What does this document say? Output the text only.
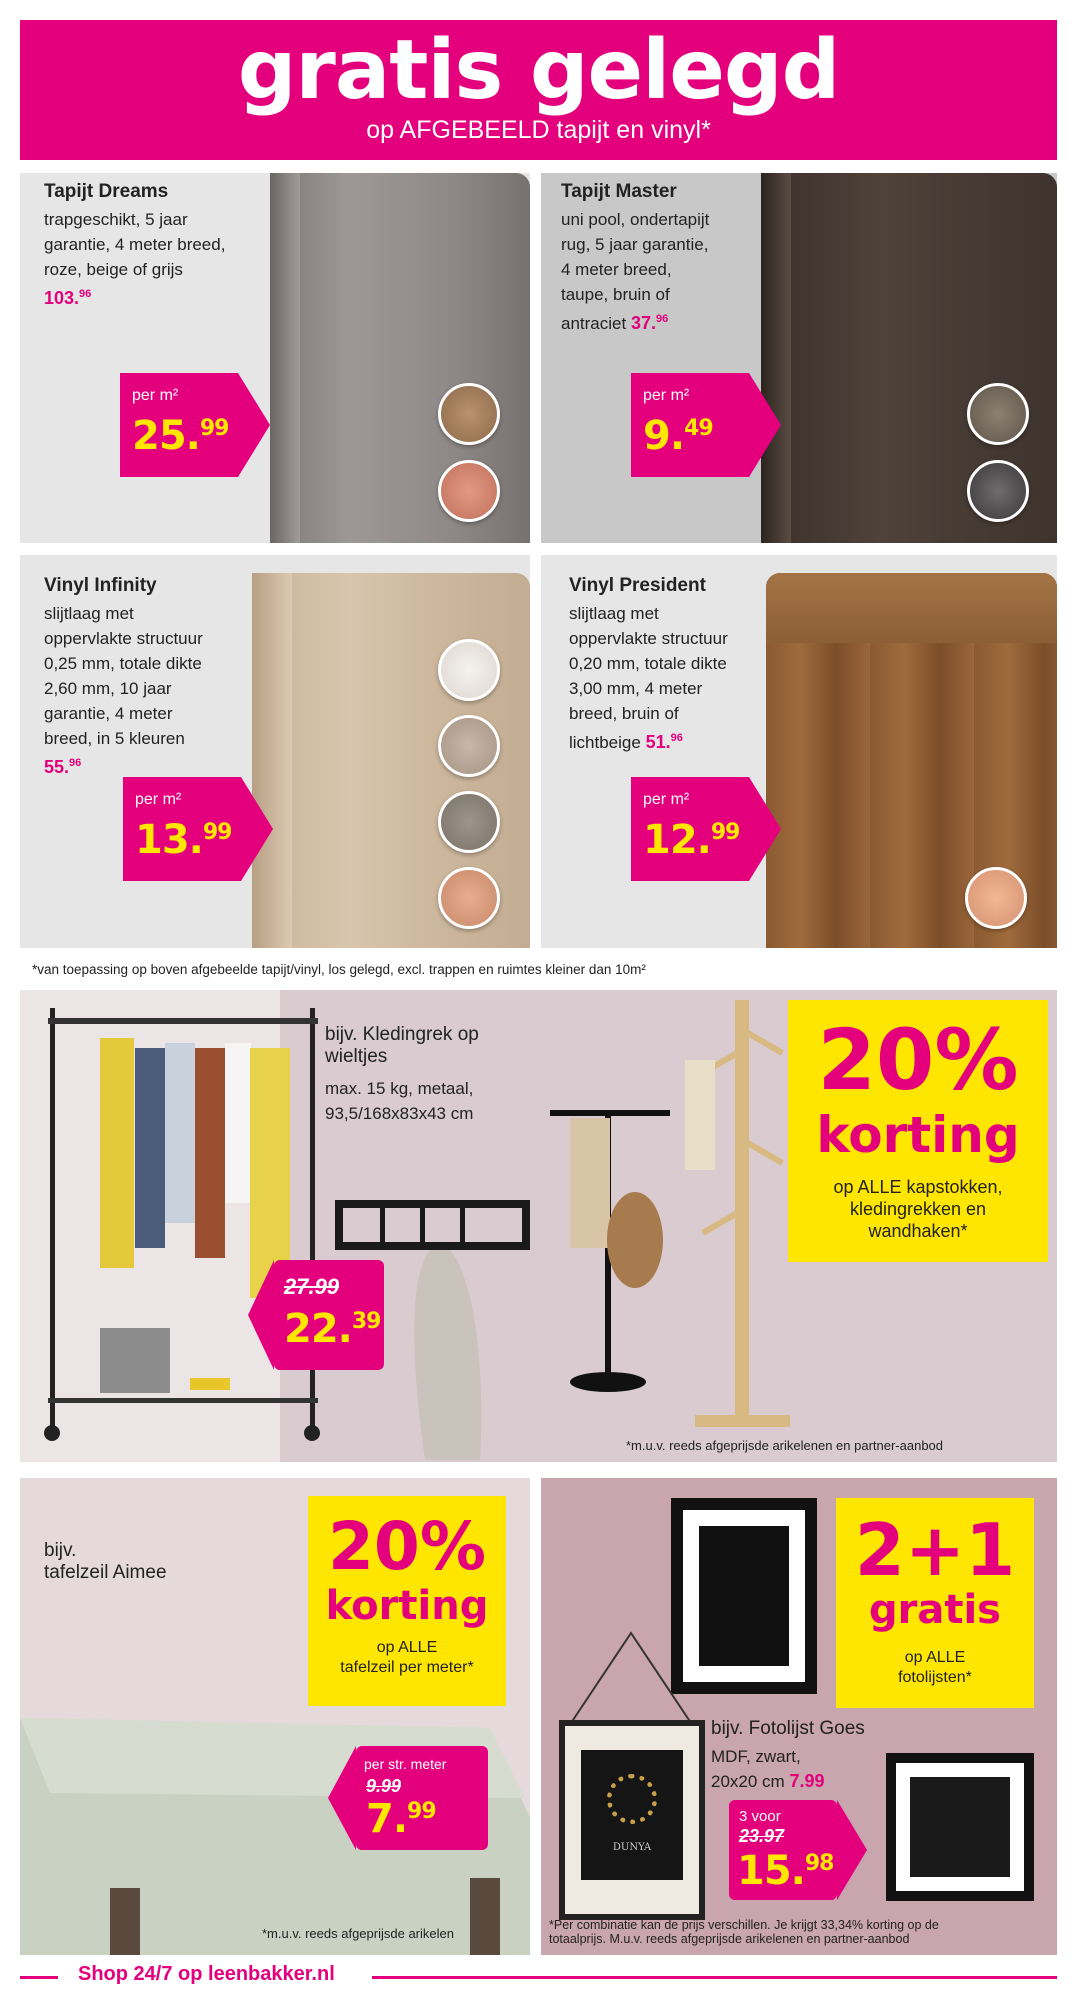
gratis gelegd
op AFGEBEELD tapijt en vinyl*
Tapijt Dreams
trapgeschikt, 5 jaar
garantie, 4 meter breed,
roze, beige of grijs
103.96
per m²
25.99
Tapijt Master
uni pool, ondertapijt
rug, 5 jaar garantie,
4 meter breed,
taupe, bruin of
antraciet 37.96
per m²
9.49
Vinyl Infinity
slijtlaag met
oppervlakte structuur
0,25 mm, totale dikte
2,60 mm, 10 jaar
garantie, 4 meter
breed, in 5 kleuren
55.96
per m²
13.99
Vinyl President
slijtlaag met
oppervlakte structuur
0,20 mm, totale dikte
3,00 mm, 4 meter
breed, bruin of
lichtbeige 51.96
per m²
12.99
*van toepassing op boven afgebeelde tapijt/vinyl, los gelegd, excl. trappen en ruimtes kleiner dan 10m²
bijv. Kledingrek op
wieltjes
max. 15 kg, metaal,
93,5/168x83x43 cm
27.99
22.39
20%
korting
op ALLE kapstokken,
kledingrekken en
wandhaken*
*m.u.v. reeds afgeprijsde arikelenen en partner-aanbod
bijv.
tafelzeil Aimee	20%
korting
op ALLE
tafelzeil per meter*
per str. meter
9.99
7.99
*m.u.v. reeds afgeprijsde arikelen
DUNYA
2+1
gratis
op ALLE
fotolijsten*
bijv. Fotolijst Goes
MDF, zwart,
20x20 cm 7.99
3 voor
23.97
15.98
*Per combinatie kan de prijs verschillen. Je krijgt 33,34% korting op de
totaalprijs. M.u.v. reeds afgeprijsde arikelenen en partner-aanbod
Shop 24/7 op leenbakker.nl
